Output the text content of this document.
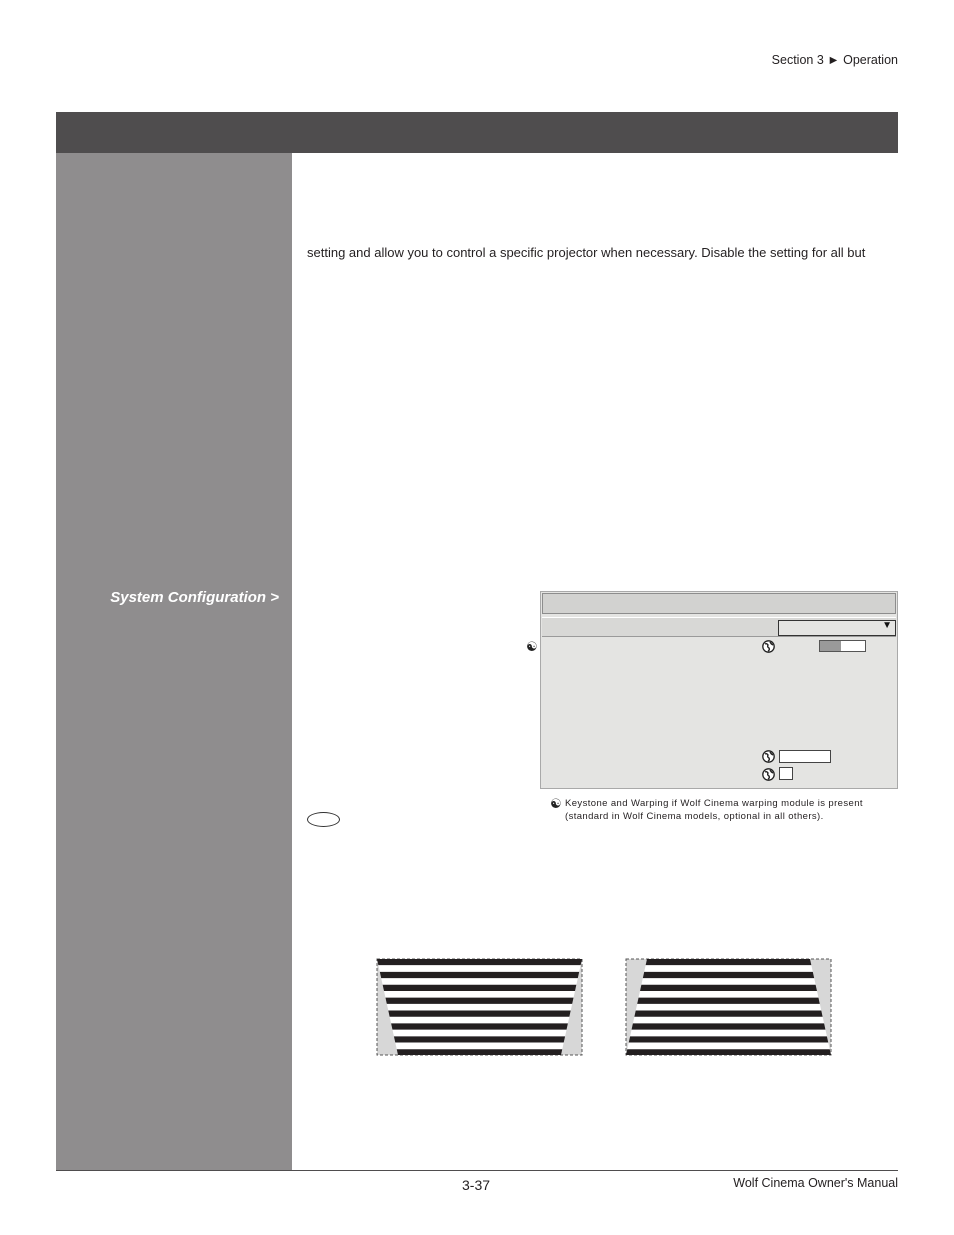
Section 3 ► Operation
System Configuration >
setting and allow you to control a specific projector when necessary. Disable the setting for all but
▼
☯
☯ Keystone and Warping if Wolf Cinema warping module is present (standard in Wolf Cinema models, optional in all others).
3-37	Wolf Cinema Owner's Manual
